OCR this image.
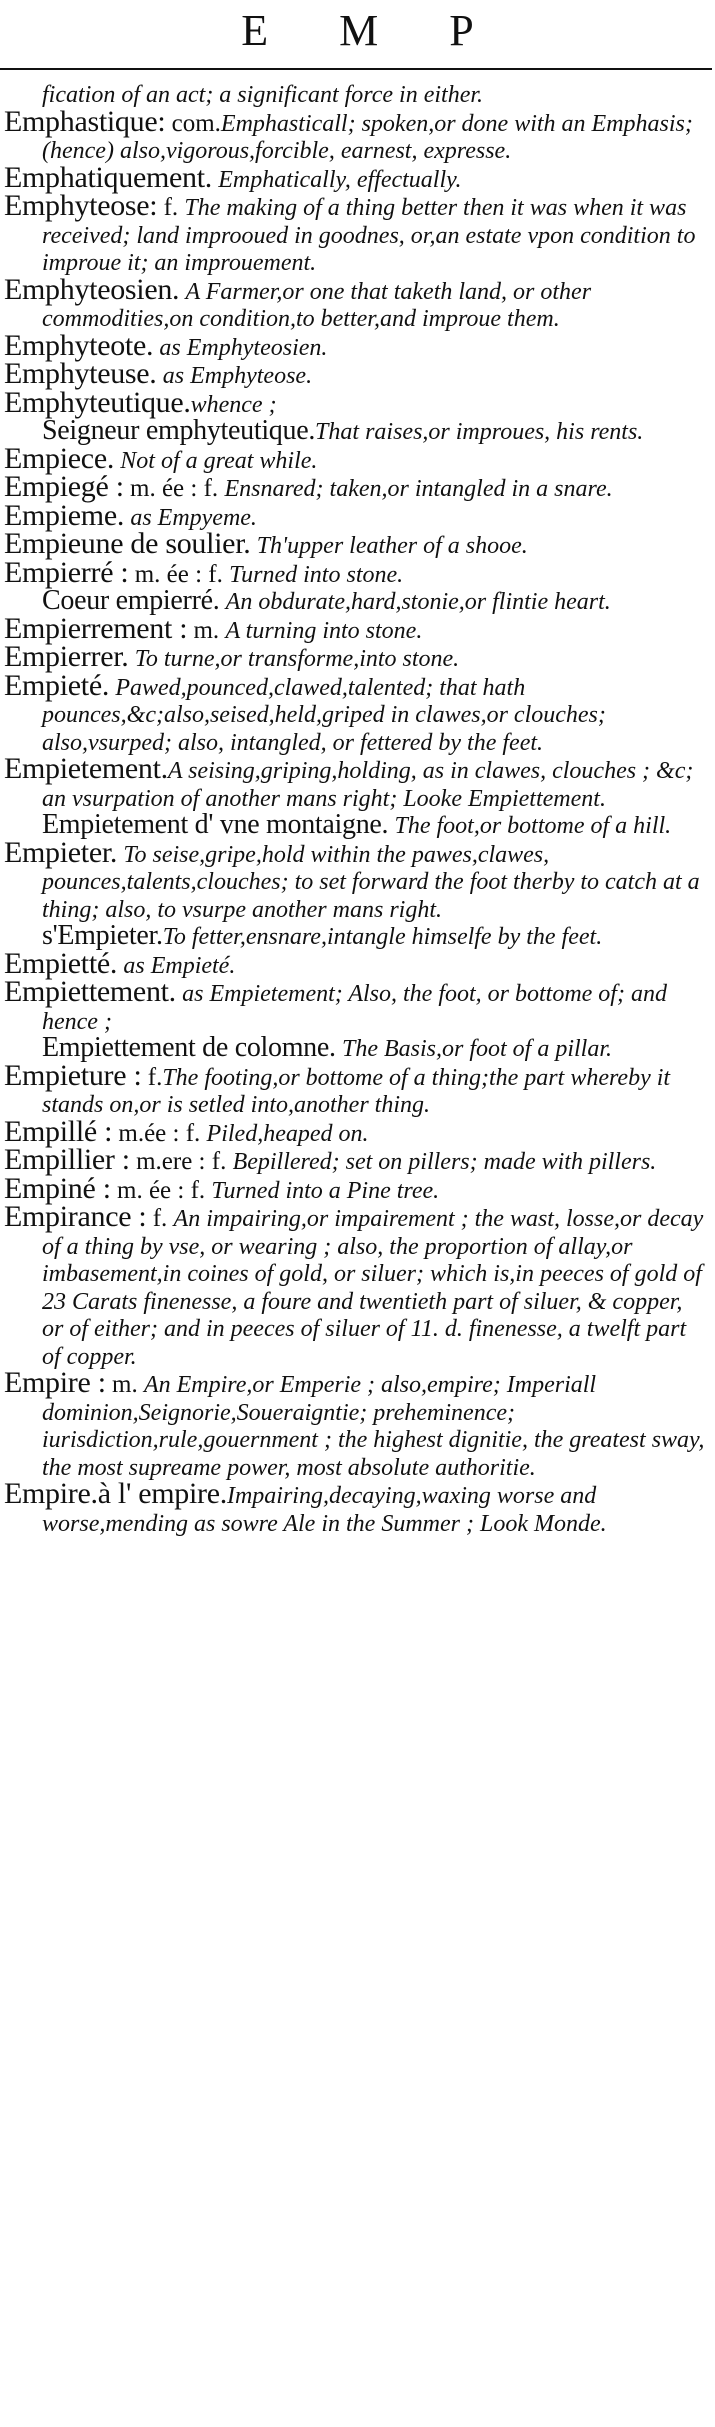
E M P

fication of an act; a significant force in either.

Emphastique: com.Emphasticall; spoken,or done with an Emphasis; (hence) also,vigorous,forcible, earnest, expresse.

Emphatiquement. Emphatically, effectually.

Emphyteose: f. The making of a thing better then it was when it was received; land improoued in goodnes, or,an estate vpon condition to improue it; an improuement.

Emphyteosien. A Farmer,or one that taketh land, or other commodities,on condition,to better,and improue them.

Emphyteote. as Emphyteosien.

Emphyteuse. as Emphyteose.

Emphyteutique.whence ;

Seigneur emphyteutique.That raises,or improues, his rents.

Empiece. Not of a great while.

Empiegé : m. ée : f. Ensnared; taken,or intangled in a snare.

Empieme. as Empyeme.

Empieune de soulier. Th'upper leather of a shooe.

Empierré : m. ée : f. Turned into stone.

Coeur empierré. An obdurate,hard,stonie,or flintie heart.

Empierrement : m. A turning into stone.

Empierrer. To turne,or transforme,into stone.

Empieté. Pawed,pounced,clawed,talented; that hath pounces,&c;also,seised,held,griped in clawes,or clouches; also,vsurped; also, intangled, or fettered by the feet.

Empietement.A seising,griping,holding, as in clawes, clouches ; &c; an vsurpation of another mans right; Looke Empiettement.

Empietement d' vne montaigne. The foot,or bottome of a hill.

Empieter. To seise,gripe,hold within the pawes,clawes, pounces,talents,clouches; to set forward the foot therby to catch at a thing; also, to vsurpe another mans right.

s'Empieter.To fetter,ensnare,intangle himselfe by the feet.

Empietté. as Empieté.

Empiettement. as Empietement; Also, the foot, or bottome of; and hence ;

Empiettement de colomne. The Basis,or foot of a pillar.

Empieture : f.The footing,or bottome of a thing;the part whereby it stands on,or is setled into,another thing.

Empillé : m.ée : f. Piled,heaped on.

Empillier : m.ere : f. Bepillered; set on pillers; made with pillers.

Empiné : m. ée : f. Turned into a Pine tree.

Empirance : f. An impairing,or impairement ; the wast, losse,or decay of a thing by vse, or wearing ; also, the proportion of allay,or imbasement,in coines of gold, or siluer; which is,in peeces of gold of 23 Carats finenesse, a foure and twentieth part of siluer, & copper, or of either; and in peeces of siluer of 11. d. finenesse, a twelft part of copper.

Empire : m. An Empire,or Emperie ; also,empire; Imperiall dominion,Seignorie,Soueraigntie; preheminence; iurisdiction,rule,gouernment ; the highest dignitie, the greatest sway, the most supreame power, most absolute authoritie.

Empire.à l' empire.Impairing,decaying,waxing worse and worse,mending as sowre Ale in the Summer ; Look Monde.
